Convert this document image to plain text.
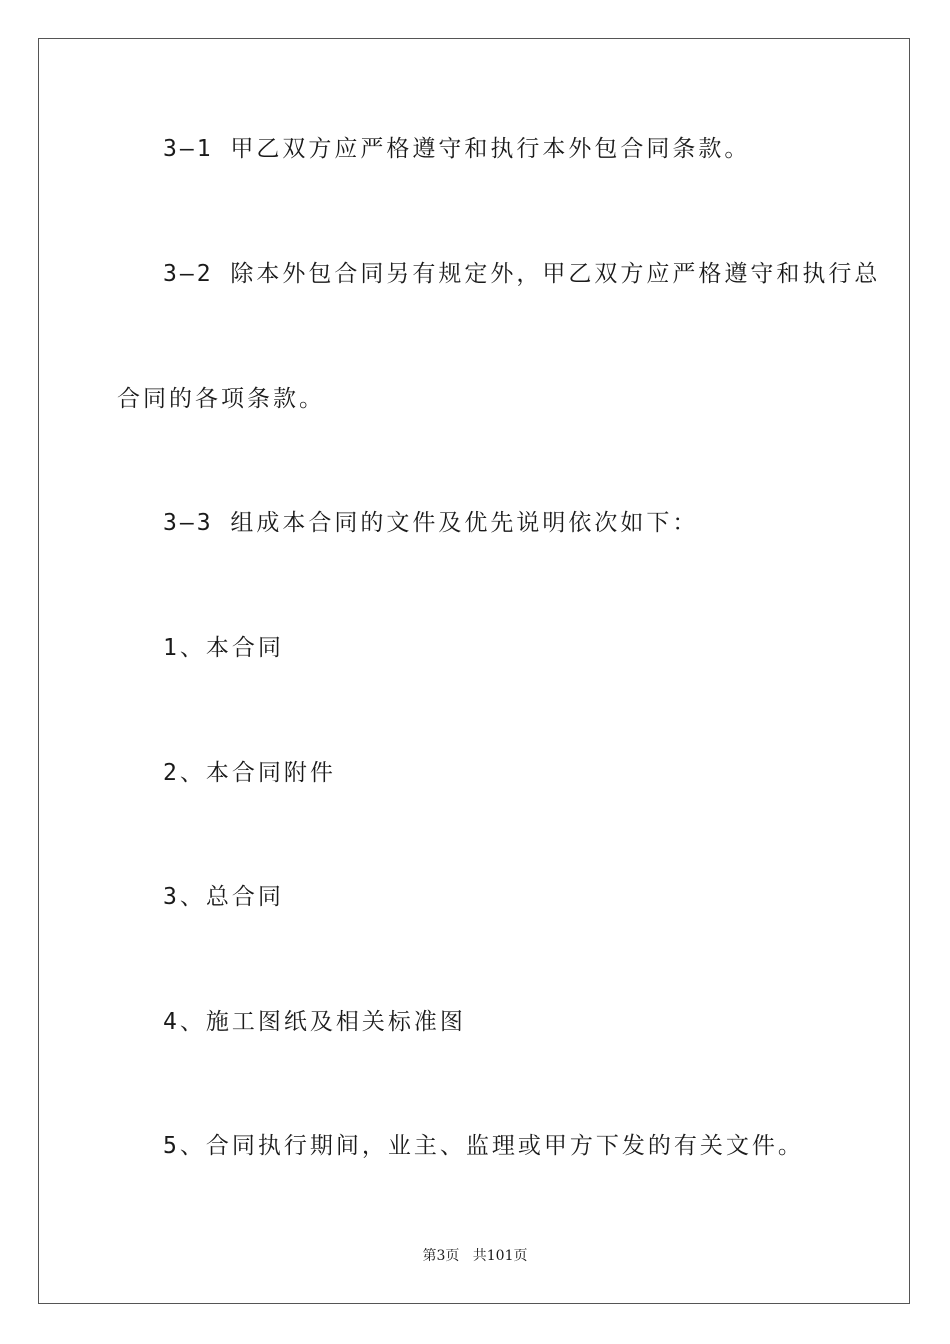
3—1 甲乙双方应严格遵守和执行本外包合同条款。
3—2 除本外包合同另有规定外，甲乙双方应严格遵守和执行总
合同的各项条款。
3—3 组成本合同的文件及优先说明依次如下：
1、本合同
2、本合同附件
3、总合同
4、施工图纸及相关标准图
5、合同执行期间，业主、监理或甲方下发的有关文件。
第3页 共101页
